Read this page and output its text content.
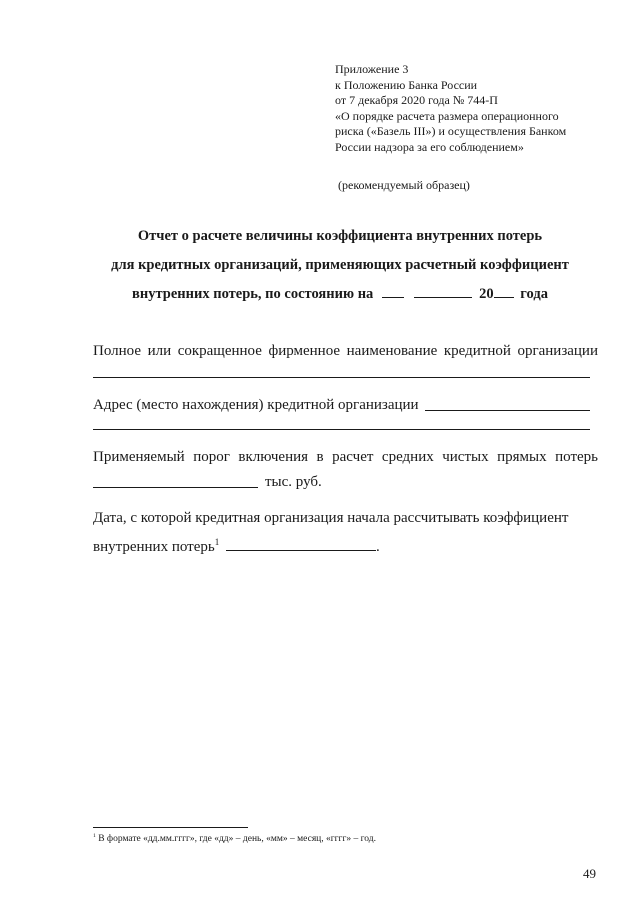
Приложение 3
к Положению Банка России
от 7 декабря 2020 года № 744-П
«О порядке расчета размера операционного
риска («Базель III») и осуществления Банком
России надзора за его соблюдением»
(рекомендуемый образец)
Отчет о расчете величины коэффициента внутренних потерь
для кредитных организаций, применяющих расчетный коэффициент
внутренних потерь, по состоянию на	20 года
Полное или сокращенное фирменное наименование кредитной организации
Адрес (место нахождения) кредитной организации
Применяемый порог включения в расчет средних чистых прямых потерь
тыс. руб.
Дата, с которой кредитная организация начала рассчитывать коэффициент
внутренних потерь$^1$	.
$^1$ В формате «дд.мм.гггг», где «дд» – день, «мм» – месяц, «гггг» – год.
49
